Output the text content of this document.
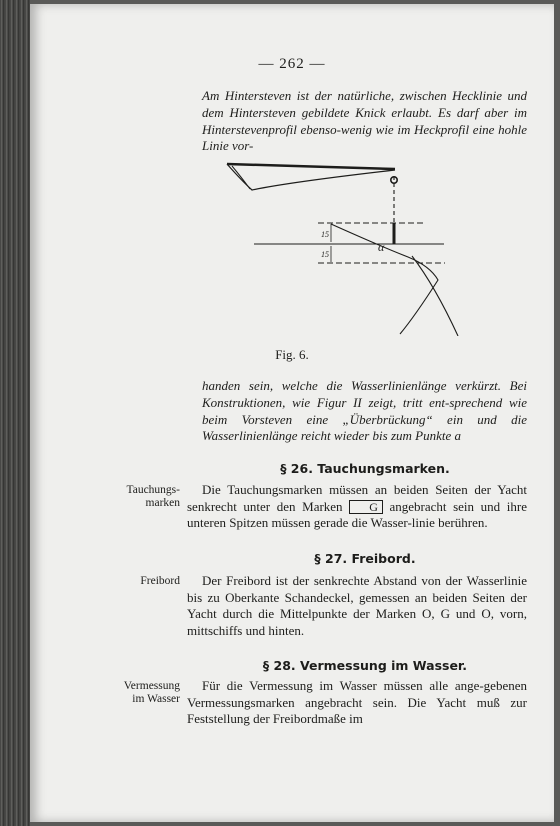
— 262 —

Am Hintersteven ist der natürliche, zwischen Hecklinie und dem Hintersteven gebildete Knick erlaubt. Es darf aber im Hinterstevenprofil ebenso-wenig wie im Heckprofil eine hohle Linie vor-

15
15
α
Fig. 6.

handen sein, welche die Wasserlinienlänge verkürzt. Bei Konstruktionen, wie Figur II zeigt, tritt ent-sprechend wie beim Vorsteven eine „Überbrückung“ ein und die Wasserlinienlänge reicht wieder bis zum Punkte a

§ 26. Tauchungsmarken.
Tauchungs-marken

Die Tauchungsmarken müssen an beiden Seiten der Yacht senkrecht unter den Marken G angebracht sein und ihre unteren Spitzen müssen gerade die Wasser-linie berühren.

§ 27. Freibord.
Freibord	Der Freibord ist der senkrechte Abstand von der Wasserlinie bis zu Oberkante Schandeckel, gemessen an beiden Seiten der Yacht durch die Mittelpunkte der Marken O, G und O, vorn, mittschiffs und hinten.

§ 28. Vermessung im Wasser.
Vermessung im Wasser

Für die Vermessung im Wasser müssen alle ange-gebenen Vermessungsmarken angebracht sein. Die Yacht muß zur Feststellung der Freibordmaße im
